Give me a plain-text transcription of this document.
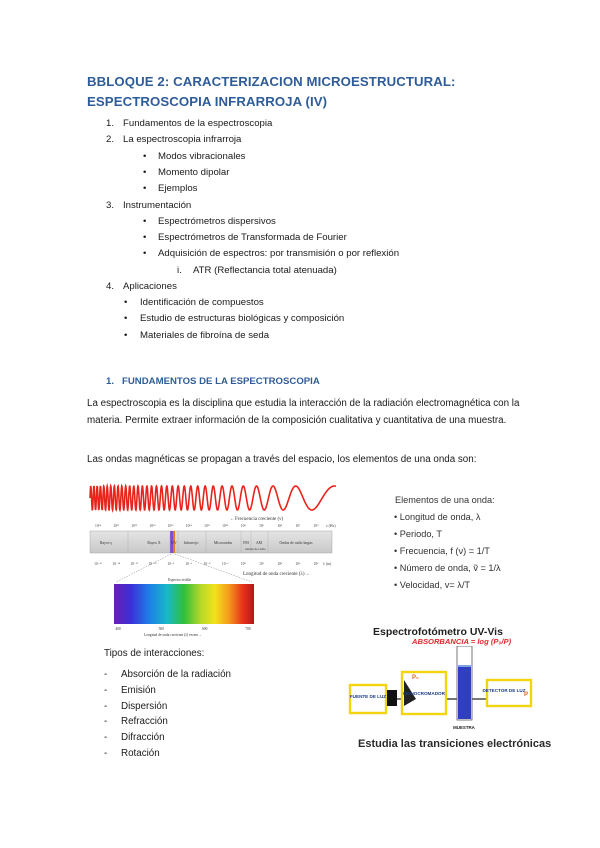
BBLOQUE 2: CARACTERIZACION MICROESTRUCTURAL:
ESPECTROSCOPIA INFRARROJA (IV)
1. Fundamentos de la espectroscopia
2. La espectroscopia infrarroja
• Modos vibracionales
• Momento dipolar
• Ejemplos
3. Instrumentación
• Espectrómetros dispersivos
• Espectrómetros de Transformada de Fourier
• Adquisición de espectros: por transmisión o por reflexión
i. ATR (Reflectancia total atenuada)
4. Aplicaciones
• Identificación de compuestos
• Estudio de estructuras biológicas y composición
• Materiales de fibroína de seda
1. FUNDAMENTOS DE LA ESPECTROSCOPIA
La espectroscopia es la disciplina que estudia la interacción de la radiación electromagnética con la materia. Permite extraer información de la composición cualitativa y cuantitativa de una muestra.
Las ondas magnéticas se propagan a través del espacio, los elementos de una onda son:
←Frecuencia creciente (ν)
10²⁴	10²²	10²⁰	10¹⁸	10¹⁶	10¹⁴	10¹²	10¹⁰	10⁸	10⁶	10⁴	10²	10⁰ ν (Hz)
Rayos γ	Rayos X	UV Infrarrojo	Microondas	FM AM	Ondas de radio largas
Ondas de radio
10⁻¹⁶	10⁻¹⁴	10⁻¹²	10⁻¹⁰	10⁻⁸	10⁻⁶	10⁻⁴	10⁻²	10⁰	10²	10⁴	10⁶	10⁸ λ (m)
Longitud de onda creciente (λ)→
Espectro visible
400	500	600	700
Longitud de onda creciente (λ) en nm→
Elementos de una onda:
• Longitud de onda, λ
• Periodo, T
• Frecuencia, f (ν) = 1/T
• Número de onda, ṽ = 1/λ
• Velocidad, v= λ/T
Tipos de interacciones:
- Absorción de la radiación
- Emisión
- Dispersión
- Refracción
- Difracción
- Rotación
Espectrofotómetro UV-Vis
ABSORBANCIA = log (P₀/P)
FUENTE DE LUZ
MONOCROMADOR
P₀
MUESTRA
DETECTOR DE LUZ
P
Estudia las transiciones electrónicas
